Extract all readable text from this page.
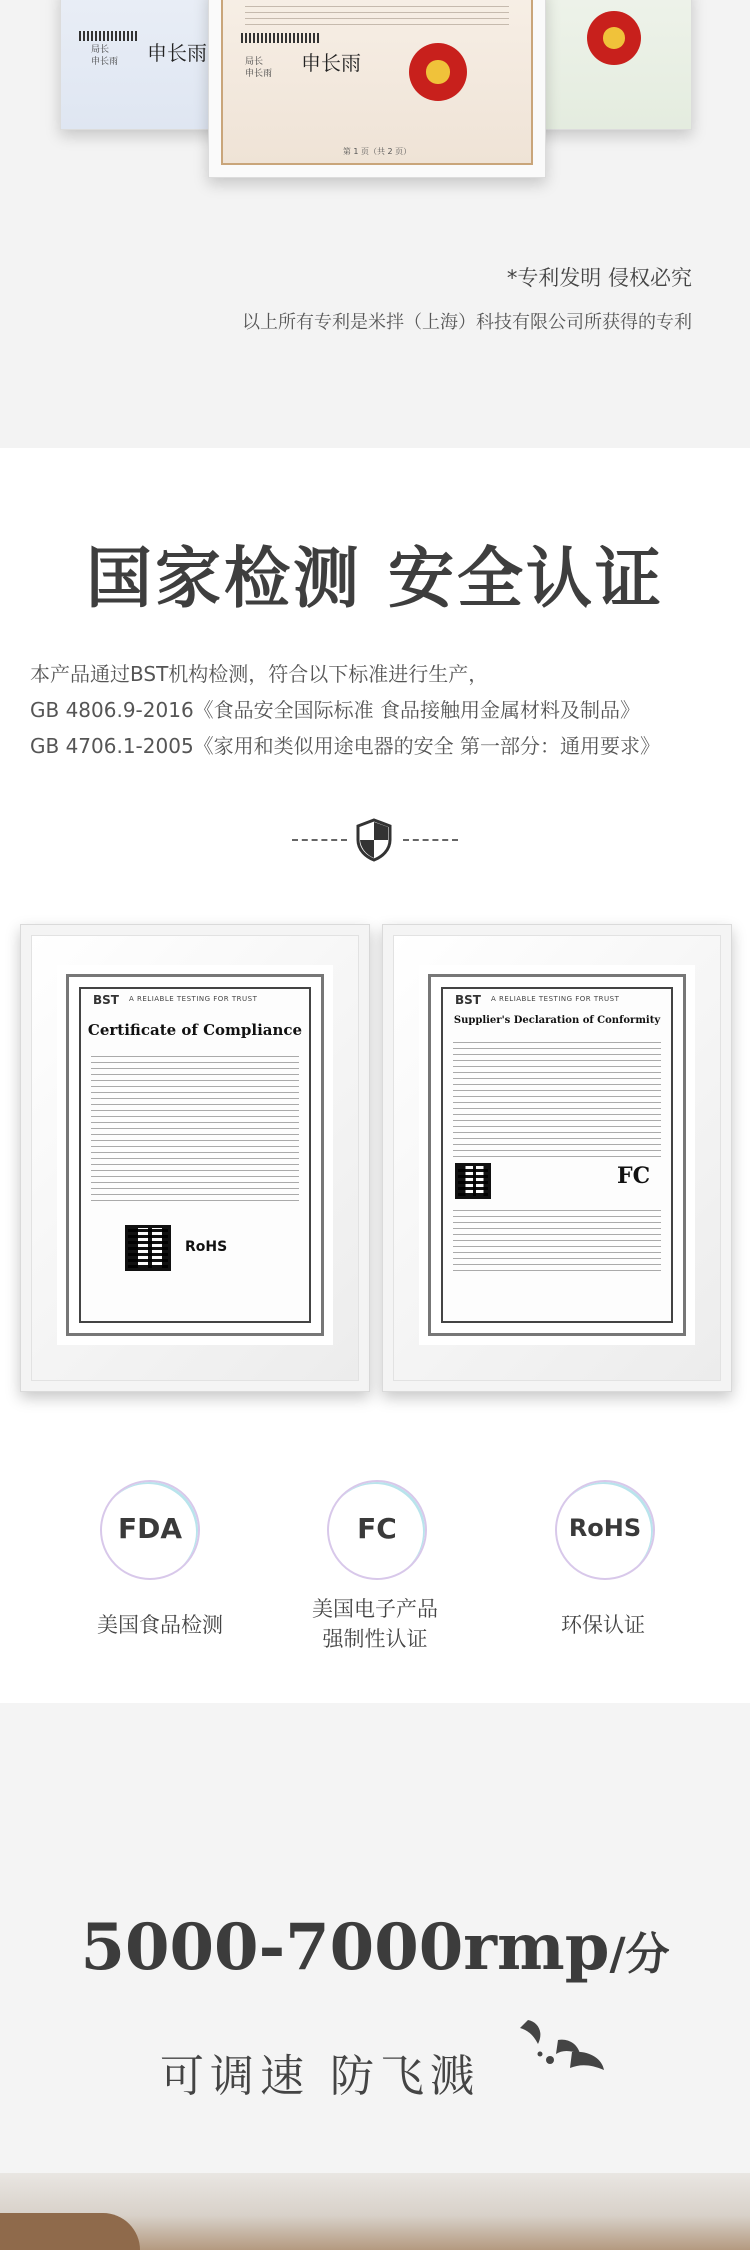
局长
申长雨 申长雨	局长
申长雨 申长雨
第 1 页（共 2 页）
*专利发明 侵权必究
以上所有专利是米拌（上海）科技有限公司所获得的专利
国家检测 安全认证
本产品通过BST机构检测，符合以下标准进行生产，
GB 4806.9-2016《食品安全国际标准 食品接触用金属材料及制品》
GB 4706.1-2005《家用和类似用途电器的安全 第一部分：通用要求》
BST A RELIABLE TESTING FOR TRUST
Certificate of Compliance
RoHS
BST A RELIABLE TESTING FOR TRUST
Supplier's Declaration of Conformity
FC
FDA	FC	RoHS
美国食品检测
美国电子产品
强制性认证
环保认证
5000-7000rmp/分
可调速 防飞溅
